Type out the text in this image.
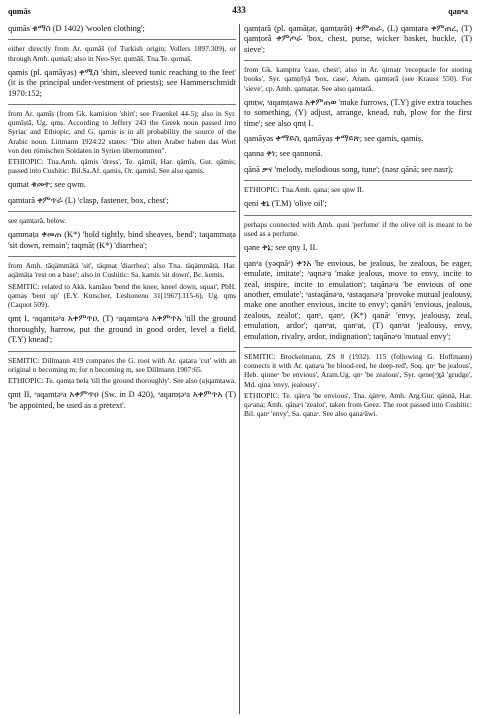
qumās	433	qan•a
qumās ቁማስ (D 1402) 'woolen clothing';
either directly from Ar. qumāš (of Turkish origin; Vollers 1897:309), or through Amh. qumaš; also in Neo-Syr. qumāš. Tna.Te. qomaš.
qamis (pl. qamāyəs) ቀሚስ 'shirt, sleeved tunic reaching to the feet' (it is the principal under-vestment of priests); see Hammerschmidt 1970:152;
from Ar. qamīṣ (from Gk. kamision 'shirt'; see Fraenkel 44-5); also in Syr. qumīṣtā, Ug. qmṣ. According to Jeffery 243 the Greek noun passed into Syriac and Ethiopic, and G. qamis is in all probability the source of the Arabic noun. Littmann 1924:22 states: "Die alten Araber haben das Wort von den römischen Soldaten in Syrien übernommen".
ETHIOPIC: Tna.Amh. qämis 'dress', Te. qämiš, Har. qämīs, Gur. qämis; passed into Cushitic: Bil.Sa.Af. qamis, Or. qamisī. See also qamis.
qumat ቁመት; see qwm.
qamtarā ቀምጥራ (L) 'clasp, fastener, box, chest';
see qamṭarā, below.
qammaṭa ቀመጠ (K*) 'hold tightly, bind sheaves, bend'; taqammaṭa 'sit down, remain'; taqmāṭ (K*) 'diarrhea';
from Amh. tāqämmäṭä 'sit', täqmaṭ 'diarrhea'; also Tna. täqämmäṭä, Har. aqämäṭa 'rest on a base'; also in Cushitic: Sa. kamis 'sit down', Bc. kemis.
SEMITIC: related to Akk. kamāsu 'bend the knee, kneel down, squat', PbH. qəmaṣ 'bent up' (E.Y. Kutscher, Leshonenu 31[1967].115-6), Ug. qmṣ (Caquot 509).
qmṭ I, ᵊaqamṭəᵊa አቀምጥዐ, (T) ᵊaqamṭəᵊa አቀምጥአ 'till the ground thoroughly, harrow, put the ground in good order, level a field, (T.Y) knead';
SEMITIC: Dillmann 419 compares the G. root with Ar. qaṭara 'cut' with an original n becoming m; for n becoming m, see Dillmann 1907:65.
ETHIOPIC: Te. qəmṭə bela 'till the ground thoroughly'. See also (a)qamṭawa.
qmṭ II, ᵊaqamṭəᵊa አቀምጥዐ (Sw. in D 420), ᵊaqamṭəᵊa አቀምጥአ (T) 'be appointed, be used as a pretext'.
qamṭarā (pl. qamāṭər, qamṭarāt) ቀምጠራ, (L) qamṭara ቀምጠረ, (T) qamṭorā ቀምጦራ 'box, chest, purse, wicker basket, buckle, (T) sieve';
from Gk. kamptra 'case, chest'; also in Ar. qimaṭr 'receptacle for storing books', Syr. qamṭrīyā 'box, case', Aram. qamṭərā (see Krauss 550). For 'sieve', cp. Amh. qamaṭər. See also qamtarā.
qmṭw, ᵊaqamṭawa አቀምጠወ 'make furrows, (T.Y) give extra touches to something, (Y) adjust, arrange, knead, rub, plow for the first time'; see also qmṭ I.
qamāyəs ቀማይስ, qamāyaṣ ቀማይጽ; see qamis, qamiṣ.
qanna ቀነ; see qannonā.
qānā ቃና 'melody, melodious song, tune'; (nəsr qānā; see nasr);
ETHIOPIC: Tna.Amh. qana; see qnw II.
qeni ቄኒ (T.M) 'olive oil';
perhaps connected with Amh. quni 'perfume' if the olive oil is meant to be used as a perfume.
qəne ቅኔ; see qny I, II.
qanᵊa (yəqnāᵊ) ቀንአ 'be envious, be jealous, be zealous, be eager, emulate, imitate'; ᵊaqnəᵊa 'make jealous, move to envy, incite to zeal, inspire, incite to emulation'; taqānəᵊa 'be envious of one another, emulate'; ᵊastaqānəᵊa, ᵊastaqanəᵊa 'provoke mutual jealousy, make one another envious, incite to envy'; qanāᵊi 'envious, jealous, zealous, zealot'; qanᵊ, qənᵊ, (K*) qanāᵊ 'envy, jealousy, zeal, emulation, ardor'; qanᵊat, qanᵊat, (T) qanᵊat 'jealousy, envy, emulation, rivalry, ardor, indignation'; taqānəᵊo 'mutual envy';
SEMITIC: Brockelmann, ZS 8 (1932). 115 (following G. Hoffmann) connects it with Ar. qanaᵊa 'be blood-red, be deep-red', Soq. qnᵊ 'be jealous', Heb. qinneᵊ 'be envious', Aram.Ug. qnᵊ 'be zealous', Syr. qene(ᵊ)ṯā 'grudge', Md. qina 'envy, jealousy'.
ETHIOPIC: Te. qänᵊa 'be envious', Tna. qänᵊe, Amh. Arg.Gur. qännä, Har. qaᵊana; Amh. qänaᵊi 'zealot', taken from Geez. The root passed into Cushitic: Bil. qanᵊ 'envy', Sa. qanaᵊ. See also qanaᵊāwi.
